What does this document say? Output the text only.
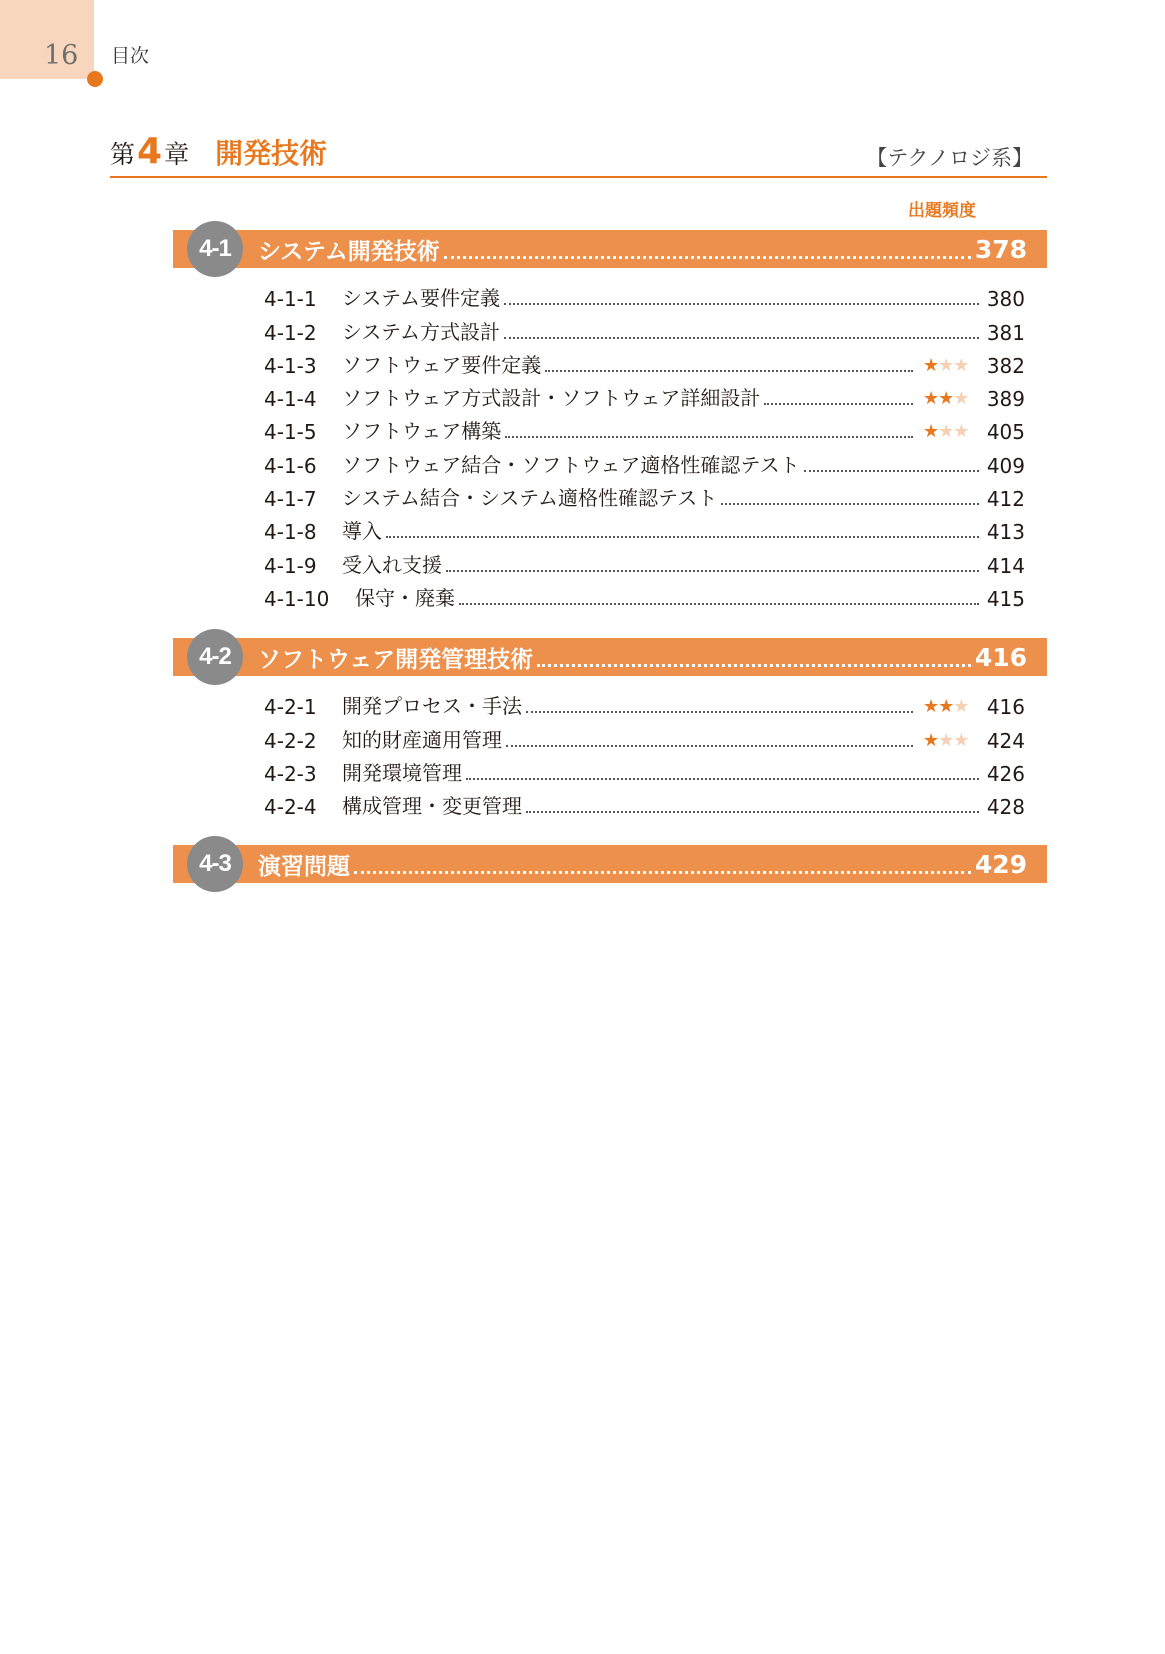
16 目次
第4章 開発技術	【テクノロジ系】
出題頻度
4-1	システム開発技術	378
4-1-1	システム要件定義	380
4-1-2	システム方式設計	381
4-1-3	ソフトウェア要件定義	★★★ 382
4-1-4	ソフトウェア方式設計・ソフトウェア詳細設計	★★★ 389
4-1-5	ソフトウェア構築	★★★ 405
4-1-6	ソフトウェア結合・ソフトウェア適格性確認テスト	409
4-1-7	システム結合・システム適格性確認テスト	412
4-1-8	導入	413
4-1-9	受入れ支援	414
4-1-10	保守・廃棄	415
4-2	ソフトウェア開発管理技術	416
4-2-1	開発プロセス・手法	★★★ 416
4-2-2	知的財産適用管理	★★★ 424
4-2-3	開発環境管理	426
4-2-4	構成管理・変更管理	428
4-3	演習問題	429
